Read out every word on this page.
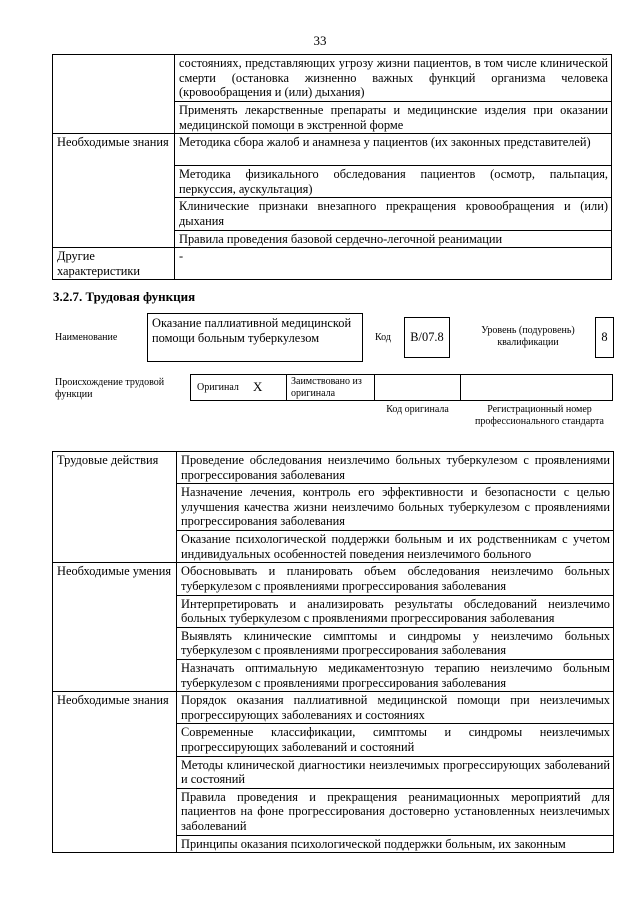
33
	состояниях, представляющих угрозу жизни пациентов, в том числе клинической смерти (остановка жизненно важных функций организма человека (кровообращения и (или) дыхания)
	Применять лекарственные препараты и медицинские изделия при оказании медицинской помощи в экстренной форме
Необходимые знания	Методика сбора жалоб и анамнеза у пациентов (их законных представителей)
	Методика физикального обследования пациентов (осмотр, пальпация, перкуссия, аускультация)
	Клинические признаки внезапного прекращения кровообращения и (или) дыхания
	Правила проведения базовой сердечно-легочной реанимации
Другие характеристики	-
3.2.7. Трудовая функция
Наименование
Оказание паллиативной медицинской помощи больным туберкулезом	Код B/07.8	Уровень (подуровень) квалификации	8
Происхождение трудовой функции
Оригинал X	Заимствовано из оригинала
Код оригинала	Регистрационный номер профессионального стандарта
Трудовые действия	Проведение обследования неизлечимо больных туберкулезом с проявлениями прогрессирования заболевания
	Назначение лечения, контроль его эффективности и безопасности с целью улучшения качества жизни неизлечимо больных туберкулезом с проявлениями прогрессирования заболевания
	Оказание психологической поддержки больным и их родственникам с учетом индивидуальных особенностей поведения неизлечимого больного
Необходимые умения	Обосновывать и планировать объем обследования неизлечимо больных туберкулезом с проявлениями прогрессирования заболевания
	Интерпретировать и анализировать результаты обследований неизлечимо больных туберкулезом с проявлениями прогрессирования заболевания
	Выявлять клинические симптомы и синдромы у неизлечимо больных туберкулезом с проявлениями прогрессирования заболевания
	Назначать оптимальную медикаментозную терапию неизлечимо больным туберкулезом с проявлениями прогрессирования заболевания
Необходимые знания	Порядок оказания паллиативной медицинской помощи при неизлечимых прогрессирующих заболеваниях и состояниях
	Современные классификации, симптомы и синдромы неизлечимых прогрессирующих заболеваний и состояний
	Методы клинической диагностики неизлечимых прогрессирующих заболеваний и состояний
	Правила проведения и прекращения реанимационных мероприятий для пациентов на фоне прогрессирования достоверно установленных неизлечимых заболеваний
	Принципы оказания психологической поддержки больным, их законным
